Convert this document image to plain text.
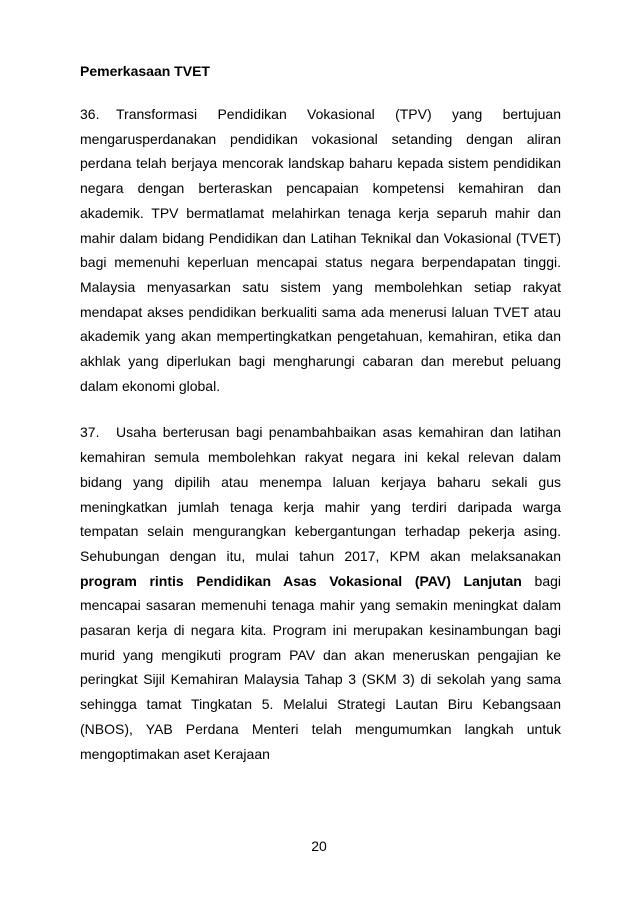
Pemerkasaan TVET

36. Transformasi Pendidikan Vokasional (TPV) yang bertujuan mengarusperdanakan pendidikan vokasional setanding dengan aliran perdana telah berjaya mencorak landskap baharu kepada sistem pendidikan negara dengan berteraskan pencapaian kompetensi kemahiran dan akademik. TPV bermatlamat melahirkan tenaga kerja separuh mahir dan mahir dalam bidang Pendidikan dan Latihan Teknikal dan Vokasional (TVET) bagi memenuhi keperluan mencapai status negara berpendapatan tinggi. Malaysia menyasarkan satu sistem yang membolehkan setiap rakyat mendapat akses pendidikan berkualiti sama ada menerusi laluan TVET atau akademik yang akan mempertingkatkan pengetahuan, kemahiran, etika dan akhlak yang diperlukan bagi mengharungi cabaran dan merebut peluang dalam ekonomi global.

37. Usaha berterusan bagi penambahbaikan asas kemahiran dan latihan kemahiran semula membolehkan rakyat negara ini kekal relevan dalam bidang yang dipilih atau menempa laluan kerjaya baharu sekali gus meningkatkan jumlah tenaga kerja mahir yang terdiri daripada warga tempatan selain mengurangkan kebergantungan terhadap pekerja asing. Sehubungan dengan itu, mulai tahun 2017, KPM akan melaksanakan program rintis Pendidikan Asas Vokasional (PAV) Lanjutan bagi mencapai sasaran memenuhi tenaga mahir yang semakin meningkat dalam pasaran kerja di negara kita. Program ini merupakan kesinambungan bagi murid yang mengikuti program PAV dan akan meneruskan pengajian ke peringkat Sijil Kemahiran Malaysia Tahap 3 (SKM 3) di sekolah yang sama sehingga tamat Tingkatan 5. Melalui Strategi Lautan Biru Kebangsaan (NBOS), YAB Perdana Menteri telah mengumumkan langkah untuk mengoptimakan aset Kerajaan

20
